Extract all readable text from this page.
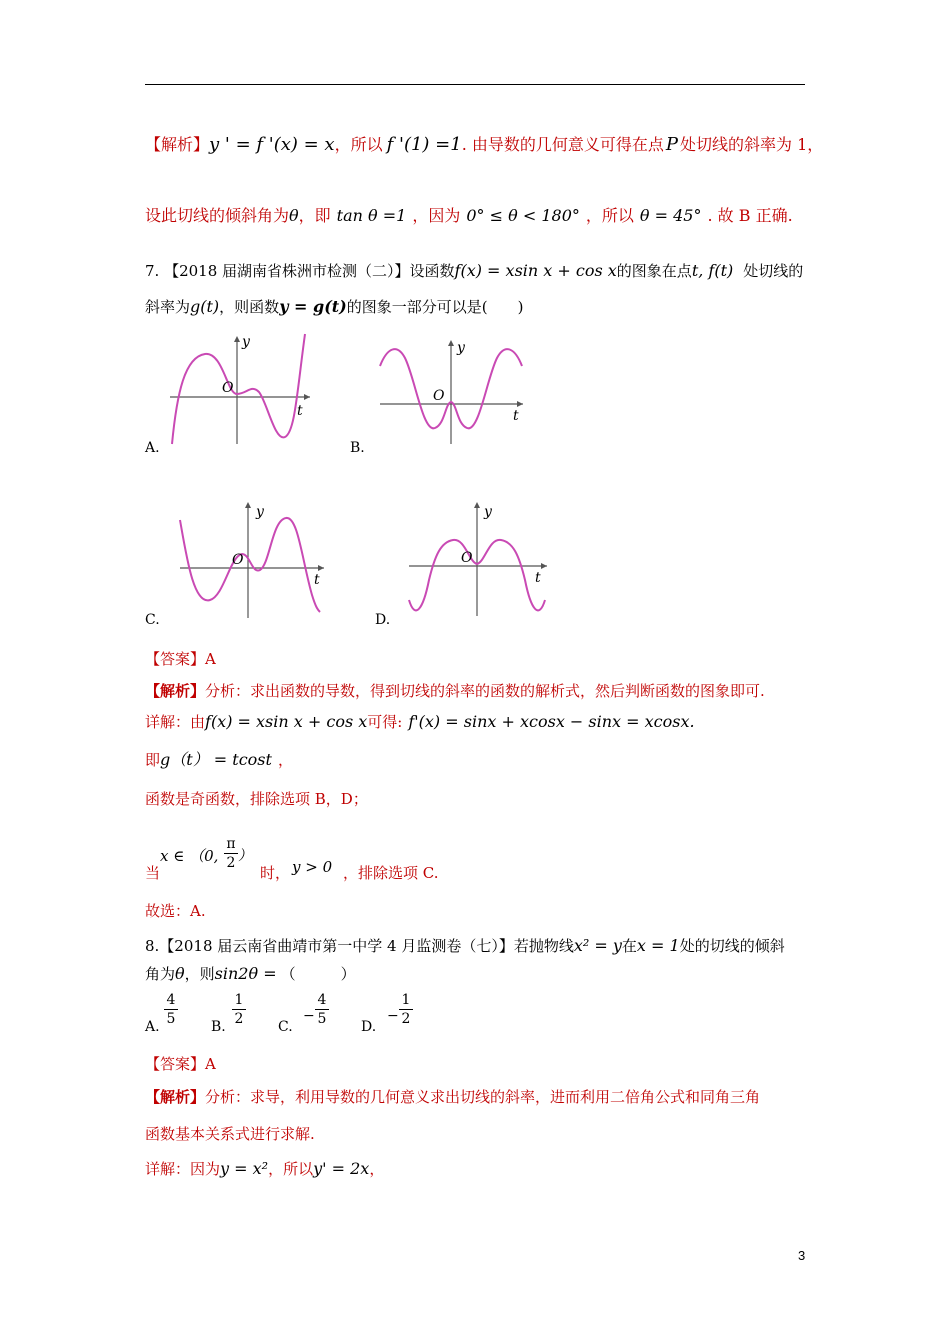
【解析】y ' = f '(x) = x，所以 f '(1) =1. 由导数的几何意义可得在点 P 处切线的斜率为 1，
设此切线的倾斜角为θ，即 tan θ =1 ，因为 0° ≤ θ < 180° ，所以 θ = 45° . 故 B 正确.
7. 【2018 届湖南省株洲市检测（二）】设函数f(x) = xsin x + cos x的图象在点t, f(t) 处切线的
斜率为g(t)，则函数y = g(t)的图象一部分可以是(　　)
y
t
O
A.
y
t
O
B.
y
t
O
C.
y
t
O
D.
【答案】A
【解析】分析：求出函数的导数，得到切线的斜率的函数的解析式，然后判断函数的图象即可.
详解：由f(x) = xsin x + cos x可得: f'(x) = sinx + xcosx − sinx = xcosx.
即g（t） = tcost ，
函数是奇函数，排除选项 B，D；
当
x ∈ （0,
π
2 ）
时， y > 0 ，排除选项 C.
故选：A.
8.【2018 届云南省曲靖市第一中学 4 月监测卷（七）】若抛物线x² = y在x = 1处的切线的倾斜
角为θ，则sin2θ = （　　　）
A.
4
5	B.
1
2 C.
−
4
5 D.
−
1
2
【答案】A
【解析】分析：求导，利用导数的几何意义求出切线的斜率，进而利用二倍角公式和同角三角
函数基本关系式进行求解.
详解：因为y = x²，所以y' = 2x，
3
